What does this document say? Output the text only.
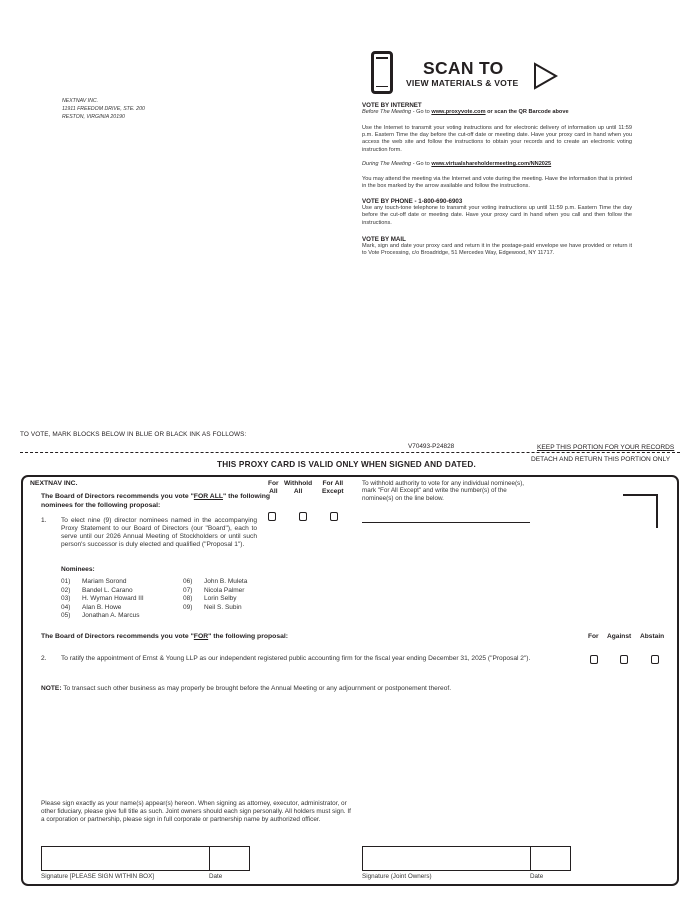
NEXTNAV INC.
11911 FREEDOM DRIVE, STE. 200
RESTON, VIRGINIA 20190
SCAN TO
VIEW MATERIALS & VOTE
VOTE BY INTERNET
Before The Meeting - Go to www.proxyvote.com or scan the QR Barcode above
Use the Internet to transmit your voting instructions and for electronic delivery of information up until 11:59 p.m. Eastern Time the day before the cut-off date or meeting date. Have your proxy card in hand when you access the web site and follow the instructions to obtain your records and to create an electronic voting instruction form.
During The Meeting - Go to www.virtualshareholdermeeting.com/NN2025
You may attend the meeting via the Internet and vote during the meeting. Have the information that is printed in the box marked by the arrow available and follow the instructions.
VOTE BY PHONE - 1-800-690-6903
Use any touch-tone telephone to transmit your voting instructions up until 11:59 p.m. Eastern Time the day before the cut-off date or meeting date. Have your proxy card in hand when you call and then follow the instructions.
VOTE BY MAIL
Mark, sign and date your proxy card and return it in the postage-paid envelope we have provided or return it to Vote Processing, c/o Broadridge, 51 Mercedes Way, Edgewood, NY 11717.
TO VOTE, MARK BLOCKS BELOW IN BLUE OR BLACK INK AS FOLLOWS:
V70493-P24828	KEEP THIS PORTION FOR YOUR RECORDS
DETACH AND RETURN THIS PORTION ONLY
THIS PROXY CARD IS VALID ONLY WHEN SIGNED AND DATED.
NEXTNAV INC.
The Board of Directors recommends you vote "FOR ALL" the following nominees for the following proposal:
For
All
Withhold
All
For All
Except
To withhold authority to vote for any individual nominee(s), mark "For All Except" and write the number(s) of the nominee(s) on the line below.
1. To elect nine (9) director nominees named in the accompanying Proxy Statement to our Board of Directors (our "Board"), each to serve until our 2026 Annual Meeting of Stockholders or until such person's successor is duly elected and qualified ("Proposal 1").
Nominees:
01) Mariam Sorond
02) Bandel L. Carano
03) H. Wyman Howard III
04) Alan B. Howe
05) Jonathan A. Marcus
06) John B. Muleta
07) Nicola Palmer
08) Lorin Selby
09) Neil S. Subin
The Board of Directors recommends you vote "FOR" the following proposal:	For Against Abstain
2. To ratify the appointment of Ernst & Young LLP as our independent registered public accounting firm for the fiscal year ending December 31, 2025 ("Proposal 2").
NOTE: To transact such other business as may properly be brought before the Annual Meeting or any adjournment or postponement thereof.
Please sign exactly as your name(s) appear(s) hereon. When signing as attorney, executor, administrator, or other fiduciary, please give full title as such. Joint owners should each sign personally. All holders must sign. If a corporation or partnership, please sign in full corporate or partnership name by authorized officer.
Signature [PLEASE SIGN WITHIN BOX]	Date	Signature (Joint Owners)	Date
